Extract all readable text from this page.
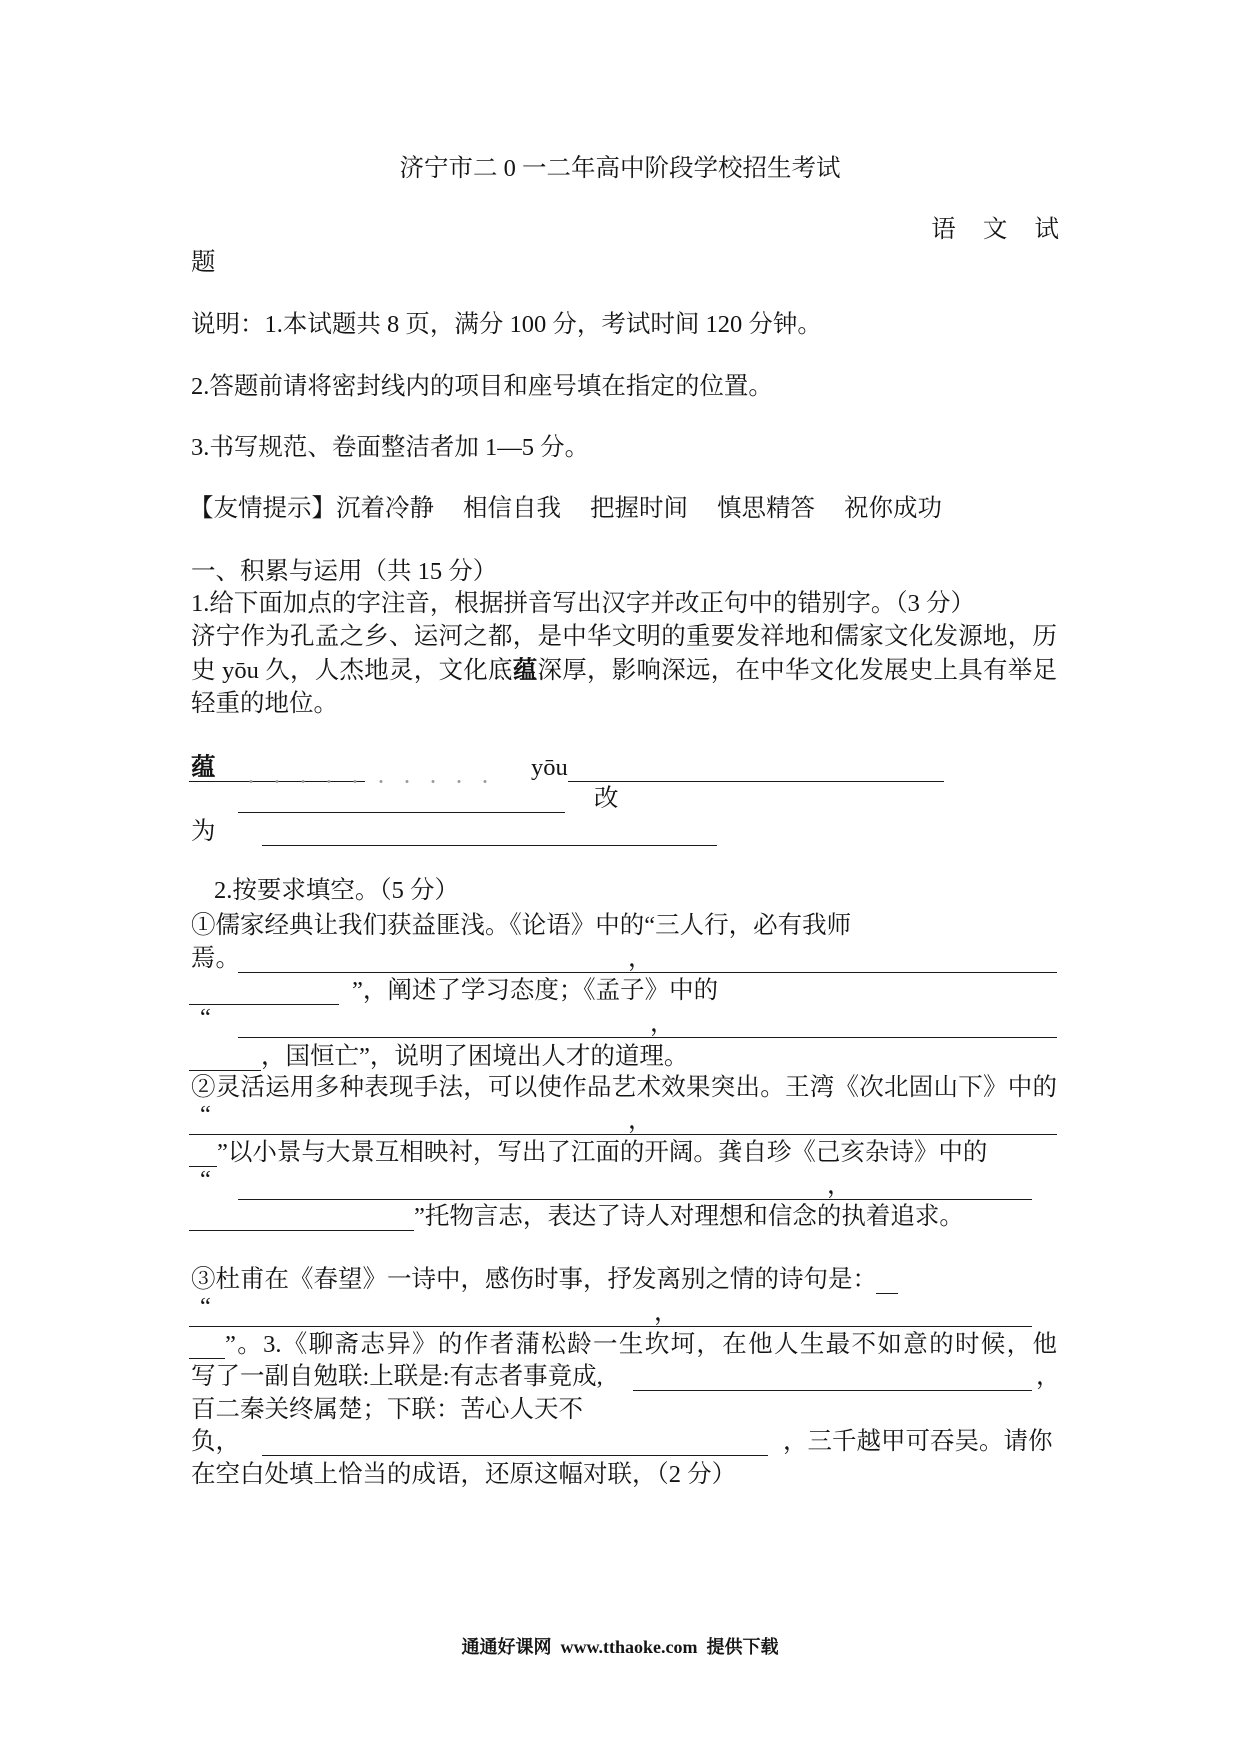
济宁市二 0 一二年高中阶段学校招生考试
语 文 试
题
说明：1.本试题共 8 页，满分 100 分，考试时间 120 分钟。
2.答题前请将密封线内的项目和座号填在指定的位置。
3.书写规范、卷面整洁者加 1—5 分。
【友情提示】 沉着冷静 相信自我 把握时间 慎思精答 祝你成功
一、积累与运用（共 15 分）
1.给下面加点的字注音，根据拼音写出汉字并改正句中的错别字。（3 分）
济宁作为孔孟之乡、运河之都，是中华文明的重要发祥地和儒家文化发源地，历
史 yōu 久，人杰地灵，文化底蕴深厚，影响深远，在中华文化发展史上具有举足
轻重的地位。
蕴	yōu
改
为
2.按要求填空。（5 分）
①儒家经典让我们获益匪浅。《论语》中的“三人行，必有我师
焉。	，
”，阐述了学习态度；《孟子》中的
“	，
，国恒亡”，说明了困境出人才的道理。
②灵活运用多种表现手法，可以使作品艺术效果突出。王湾《次北固山下》中的
“	，
”以小景与大景互相映衬，写出了江面的开阔。龚自珍《己亥杂诗》中的
“	，
”托物言志，表达了诗人对理想和信念的执着追求。
③杜甫在《春望》一诗中，感伤时事，抒发离别之情的诗句是：
“	，
”。3.《聊斋志异》的作者蒲松龄一生坎坷，在他人生最不如意的时候，他
写了一副自勉联:上联是:有志者事竟成,	，
百二秦关终属楚；下联：苦心人天不
负，	，三千越甲可吞吴。请你
在空白处填上恰当的成语，还原这幅对联，（2 分）
通通好课网  www.tthaoke.com  提供下载
